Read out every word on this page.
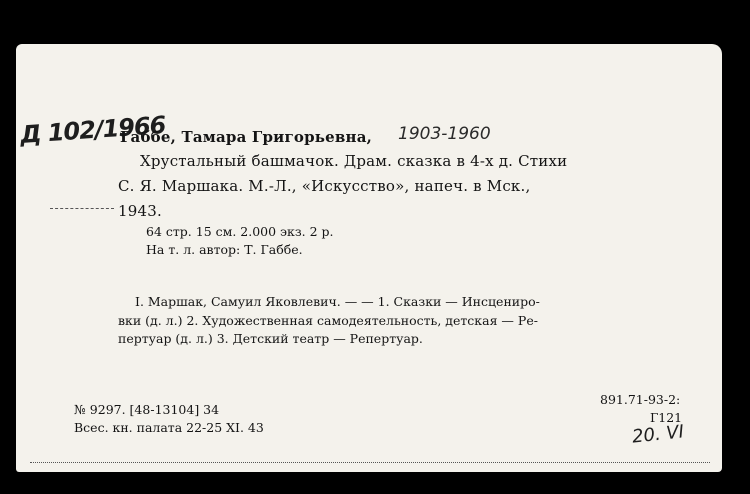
Д 102/1966
Габбе, Тамара Григорьевна, 1903-1960
Хрустальный башмачок. Драм. сказка в 4-х д. Стихи
С. Я. Маршака. М.-Л., «Искусство», напеч. в Мск.,
1943.
64 стр. 15 см. 2.000 экз. 2 р.
На т. л. автор: Т. Габбе.
I. Маршак, Самуил Яковлевич. — — 1. Сказки — Инсцениро-
вки (д. л.) 2. Художественная самодеятельность, детская — Ре-
пертуар (д. л.) 3. Детский театр — Репертуар.
№ 9297. [48-13104] 34
Всес. кн. палата 22-25 XI. 43
891.71-93-2:
Г121
20. VI
